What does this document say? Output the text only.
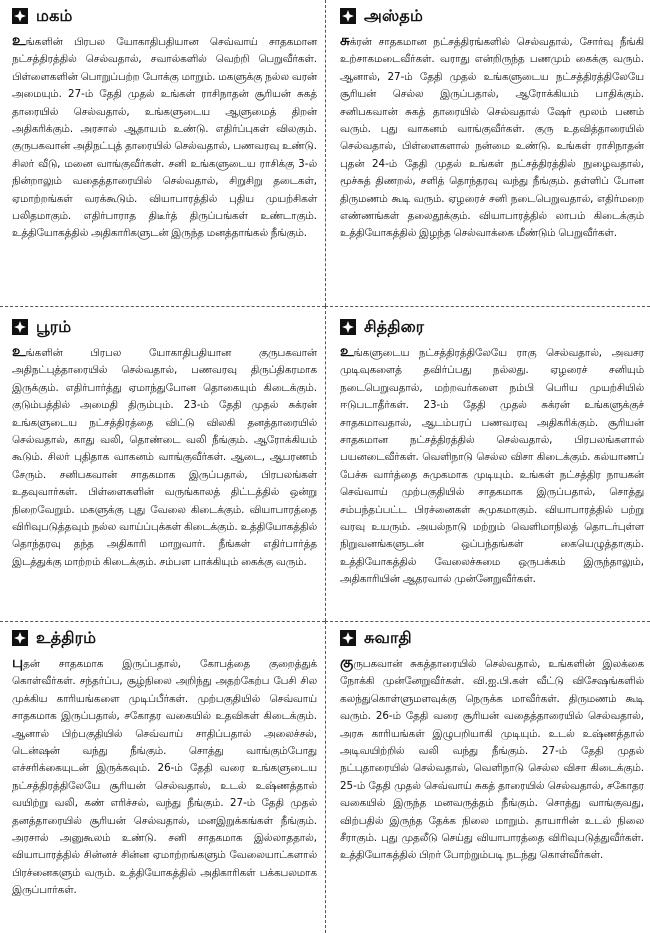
மகம்

உங்களின் பிரபல யோகாதிபதியான செவ்வாய் சாதகமான நட்சத்திரத்தில் செல்வதால், சவால்களில் வெற்றி பெறுவீர்கள். பிள்ளைகளின் பொறுப்பற்ற போக்கு மாறும். மகளுக்கு நல்ல வரன் அமையும். 27-ம் தேதி முதல் உங்கள் ராசிநாதன் சூரியன் சுகத் தாரையில் செல்வதால், உங்களுடைய ஆளுமைத் திறன் அதிகரிக்கும். அரசால் ஆதாயம் உண்டு. எதிர்ப்புகள் விலகும். குருபகவான் அதிநட்புத் தாரையில் செல்வதால், பணவரவு உண்டு. சிலர் வீடு, மனை வாங்குவீர்கள். சனி உங்களுடைய ராசிக்கு 3-ல் நின்றாலும் வதைத்தாரையில் செல்வதால், சிறுசிறு தடைகள், ஏமாற்றங்கள் வரக்கூடும். வியாபாரத்தில் புதிய முயற்சிகள் பலிதமாகும். எதிர்பாராத திடீர்த் திருப்பங்கள் உண்டாகும். உத்தியோகத்தில் அதிகாரிகளுடன் இருந்த மனத்தாங்கல் நீங்கும்.

அஸ்தம்

சுக்ரன் சாதகமான நட்சத்திரங்களில் செல்வதால், சோர்வு நீங்கி உற்சாகமடைவீர்கள். வராது என்றிருந்த பணமும் கைக்கு வரும். ஆனால், 27-ம் தேதி முதல் உங்களுடைய நட்சத்திரத்திலேயே சூரியன் செல்ல இருப்பதால், ஆரோக்கியம் பாதிக்கும். சனிபகவான் சுகத் தாரையில் செல்வதால் ஷேர் மூலம் பணம் வரும். புது வாகனம் வாங்குவீர்கள். குரு உதவித்தாரையில் செல்வதால், பிள்ளைகளால் நன்மை உண்டு. உங்கள் ராசிநாதன் புதன் 24-ம் தேதி முதல் உங்கள் நட்சத்திரத்தில் நுழைவதால், மூச்சுத் திணறல், சளித் தொந்தரவு வந்து நீங்கும். தள்ளிப் போன திருமணம் கூடி வரும். ஏழரைச் சனி நடைபெறுவதால், எதிர்மறை எண்ணங்கள் தலைதூக்கும். வியாபாரத்தில் லாபம் கிடைக்கும் உத்தியோகத்தில் இழந்த செல்வாக்கை மீண்டும் பெறுவீர்கள்.

பூரம்

உங்களின் பிரபல யோகாதிபதியான குருபகவான் அதிநட்புத்தாரையில் செல்வதால், பணவரவு திருப்திகரமாக இருக்கும். எதிர்பார்த்து ஏமாந்துபோன தொகையும் கிடைக்கும். குடும்பத்தில் அமைதி திரும்பும். 23-ம் தேதி முதல் சுக்ரன் உங்களுடைய நட்சத்திரத்தை விட்டு விலகி தனத்தாரையில் செல்வதால், காது வலி, தொண்டை வலி நீங்கும். ஆரோக்கியம் கூடும். சிலர் புதிதாக வாகனம் வாங்குவீர்கள். ஆடை, ஆபரணம் சேரும். சனிபகவான் சாதகமாக இருப்பதால், பிரபலங்கள் உதவுவார்கள். பிள்ளைகளின் வருங்காலத் திட்டத்தில் ஒன்று நிறைவேறும். மகளுக்கு புது வேலை கிடைக்கும். வியாபாரத்தை விரிவுபடுத்தவும் நல்ல வாய்ப்புக்கள் கிடைக்கும். உத்தியோகத்தில் தொந்தரவு தந்த அதிகாரி மாறுவார். நீங்கள் எதிர்பார்த்த இடத்துக்கு மாற்றம் கிடைக்கும். சம்பள பாக்கியும் கைக்கு வரும்.

சித்திரை

உங்களுடைய நட்சத்திரத்திலேயே ராகு செல்வதால், அவசர முடிவுகளைத் தவிர்ப்பது நல்லது. ஏழரைச் சனியும் நடைபெறுவதால், மற்றவர்களை நம்பி பெரிய முயற்சியில் ஈடுபடாதீர்கள். 23-ம் தேதி முதல் சுக்ரன் உங்களுக்குச் சாதகமாவதால், ஆடம்பரப் பணவரவு அதிகரிக்கும். சூரியன் சாதகமான நட்சத்திரத்தில் செல்வதால், பிரபலங்களால் பயனடைவீர்கள். வெளிநாடு செல்ல விசா கிடைக்கும். கல்யாணப் பேச்சு வார்த்தை சுமுகமாக முடியும். உங்கள் நட்சத்திர நாயகன் செவ்வாய் முற்பகுதியில் சாதகமாக இருப்பதால், சொத்து சம்பந்தப்பட்ட பிரச்னைகள் சுமுகமாகும். வியாபாரத்தில் பற்று வரவு உயரும். அயல்நாடு மற்றும் வெளிமாநிலத் தொடர்புள்ள நிறுவனங்களுடன் ஒப்பந்தங்கள் கையெழுத்தாகும். உத்தியோகத்தில் வேலைச்சுமை ஒருபக்கம் இருந்தாலும், அதிகாரியின் ஆதரவால் முன்னேறுவீர்கள்.

உத்திரம்

புதன் சாதகமாக இருப்பதால், கோபத்தை குறைத்துக் கொள்வீர்கள். சந்தர்ப்ப, சூழ்நிலை அறிந்து அதற்கேற்ப பேசி சில முக்கிய காரியங்களை முடிப்பீர்கள். முற்பகுதியில் செவ்வாய் சாதகமாக இருப்பதால், சகோதர வகையில் உதவிகள் கிடைக்கும். ஆனால் பிற்பகுதியில் செவ்வாய் சாதிப்பதால் அலைச்சல், டென்ஷன் வந்து நீங்கும். சொத்து வாங்கும்போது எச்சரிக்கையுடன் இருக்கவும். 26-ம் தேதி வரை உங்களுடைய நட்சத்திரத்திலேயே சூரியன் செல்வதால், உடல் உஷ்ணத்தால் வயிற்று வலி, கண் எரிச்சல், வந்து நீங்கும். 27-ம் தேதி முதல் தனத்தாரையில் சூரியன் செல்வதால், மனஇறுக்கங்கள் நீங்கும். அரசால் அனுகூலம் உண்டு. சனி சாதகமாக இல்லாததால், வியாபாரத்தில் சின்னச் சின்ன ஏமாற்றங்களும் வேலையாட்களால் பிரச்னைகளும் வரும். உத்தியோகத்தில் அதிகாரிகள் பக்கபலமாக இருப்பார்கள்.

சுவாதி

குருபகவான் சுகத்தாரையில் செல்வதால், உங்களின் இலக்கை நோக்கி முன்னேறுவீர்கள். வி.ஐ.பி.கள் வீட்டு விசேஷங்களில் கலந்துகொள்ளுமளவுக்கு நெருக்க மாவீர்கள். திருமணம் கூடி வரும். 26-ம் தேதி வரை சூரியன் வதைத்தாரையில் செல்வதால், அரசு காரியங்கள் இழுபறியாகி முடியும். உடல் உஷ்ணத்தால் அடிவயிற்றில் வலி வந்து நீங்கும். 27-ம் தேதி முதல் நட்புதாரையில் செல்வதால், வெளிநாடு செல்ல விசா கிடைக்கும். 25-ம் தேதி முதல் செவ்வாய் சுகத் தாரையில் செல்வதால், சகோதர வகையில் இருந்த மனவருத்தம் நீங்கும். சொத்து வாங்குவது, விற்பதில் இருந்த தேக்க நிலை மாறும். தாயாரின் உடல் நிலை சீராகும். புது முதலீடு செய்து வியாபாரத்தை விரிவுபடுத்துவீர்கள். உத்தியோகத்தில் பிறர் போற்றும்படி நடந்து கொள்வீர்கள்.
